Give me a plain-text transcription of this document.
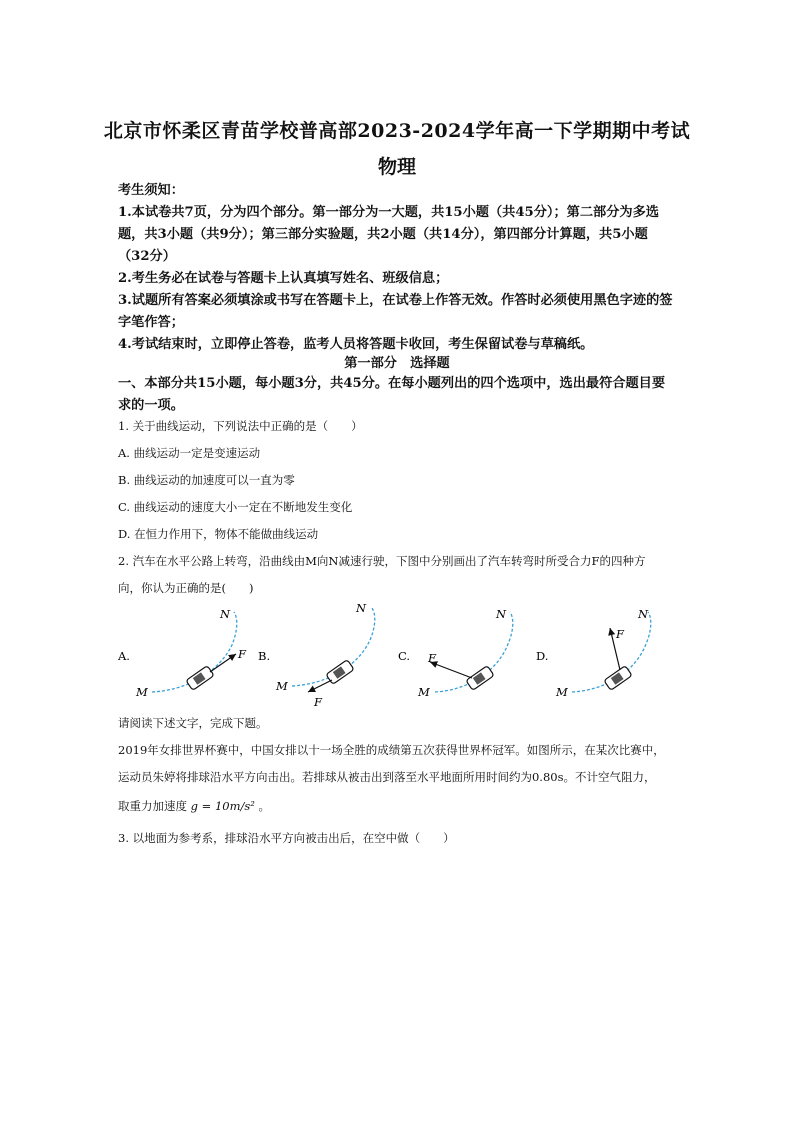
北京市怀柔区青苗学校普高部2023-2024学年高一下学期期中考试
物理

考生须知：

1.本试卷共7页，分为四个部分。第一部分为一大题，共15小题（共45分）；第二部分为多选题，共3小题（共9分）；第三部分实验题，共2小题（共14分），第四部分计算题，共5小题（32分）

2.考生务必在试卷与答题卡上认真填写姓名、班级信息；

3.试题所有答案必须填涂或书写在答题卡上，在试卷上作答无效。作答时必须使用黑色字迹的签字笔作答；

4.考试结束时，立即停止答卷，监考人员将答题卡收回，考生保留试卷与草稿纸。

第一部分　选择题
一、本部分共15小题，每小题3分，共45分。在每小题列出的四个选项中，选出最符合题目要求的一项。

1. 关于曲线运动，下列说法中正确的是（　　）

A. 曲线运动一定是变速运动
B. 曲线运动的加速度可以一直为零
C. 曲线运动的速度大小一定在不断地发生变化
D. 在恒力作用下，物体不能做曲线运动
2. 汽车在水平公路上转弯，沿曲线由M向N减速行驶，下图中分别画出了汽车转弯时所受合力F的四种方
向，你认为正确的是(　　)
A.
M
N
F B.
M
N
F
C.
M
N
F	D.
M
N
F
请阅读下述文字，完成下题。
2019年女排世界杯赛中，中国女排以十一场全胜的成绩第五次获得世界杯冠军。如图所示，在某次比赛中，
运动员朱婷将排球沿水平方向击出。若排球从被击出到落至水平地面所用时间约为0.80s。不计空气阻力，
取重力加速度 g = 10m/s² 。
3. 以地面为参考系，排球沿水平方向被击出后，在空中做（　　）
